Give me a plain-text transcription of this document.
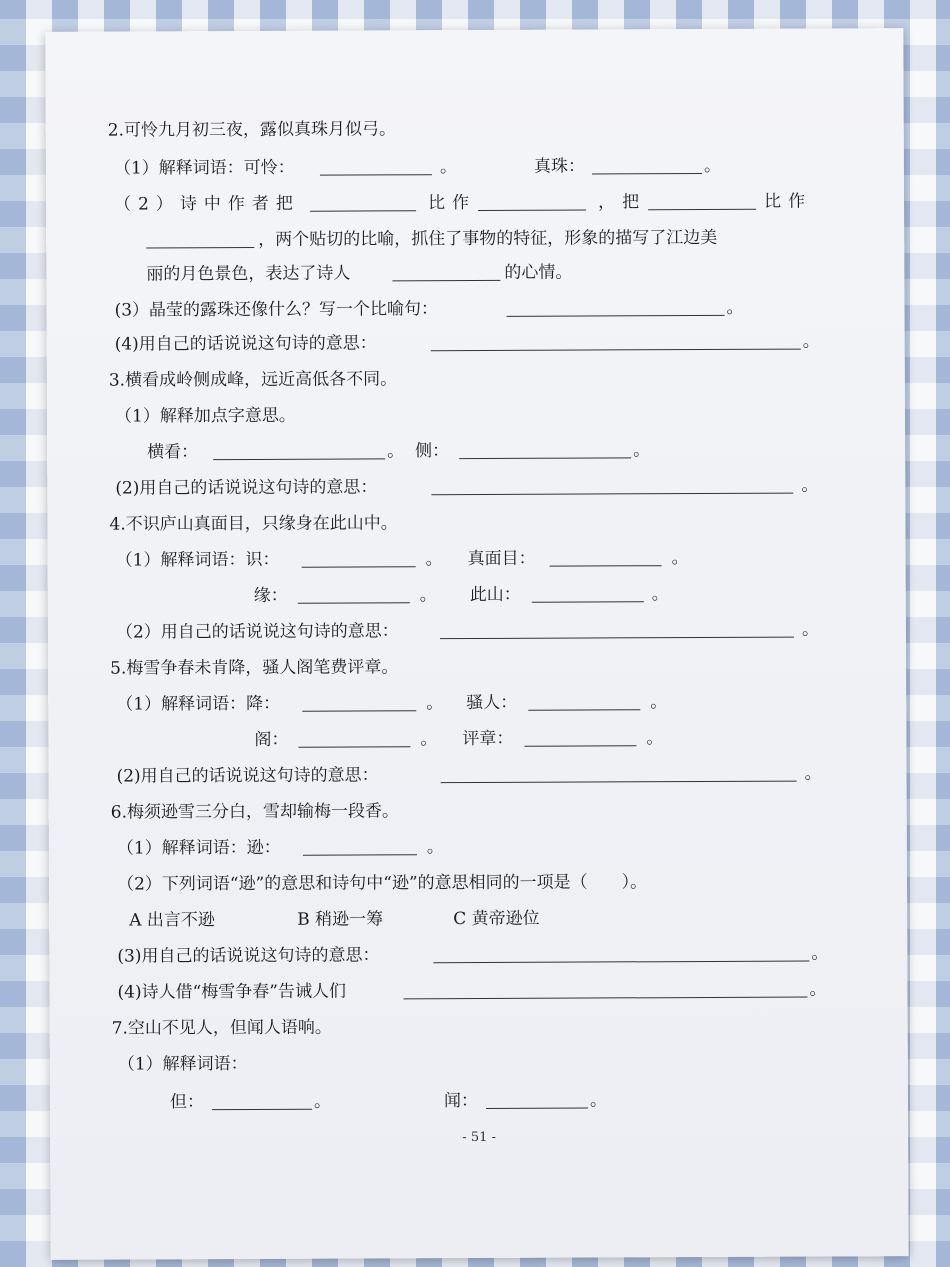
2.可怜九月初三夜，露似真珠月似弓。
（1）解释词语：可怜：	。	真珠：	。
（2）诗中作者把	比作	，把	比作
，两个贴切的比喻，抓住了事物的特征，形象的描写了江边美
丽的月色景色，表达了诗人	的心情。
(3）晶莹的露珠还像什么？写一个比喻句：	。
(4)用自己的话说说这句诗的意思：	。
3.横看成岭侧成峰，远近高低各不同。
（1）解释加点字意思。
横看：	。 侧：	。
(2)用自己的话说说这句诗的意思：	。
4.不识庐山真面目，只缘身在此山中。
（1）解释词语：识：	。 真面目：	。
缘：	。 此山：	。
（2）用自己的话说说这句诗的意思：	。
5.梅雪争春未肯降，骚人阁笔费评章。
（1）解释词语：降：	。 骚人：	。
阁：	。 评章：	。
(2)用自己的话说说这句诗的意思：	。
6.梅须逊雪三分白，雪却输梅一段香。
（1）解释词语：逊：	。
（2）下列词语“逊”的意思和诗句中“逊”的意思相同的一项是（　　）。
A 出言不逊	B 稍逊一筹	C 黄帝逊位
(3)用自己的话说说这句诗的意思：	。
(4)诗人借“梅雪争春”告诫人们	。
7.空山不见人，但闻人语响。
（1）解释词语：
但：	。	闻：	。
- 51 -
